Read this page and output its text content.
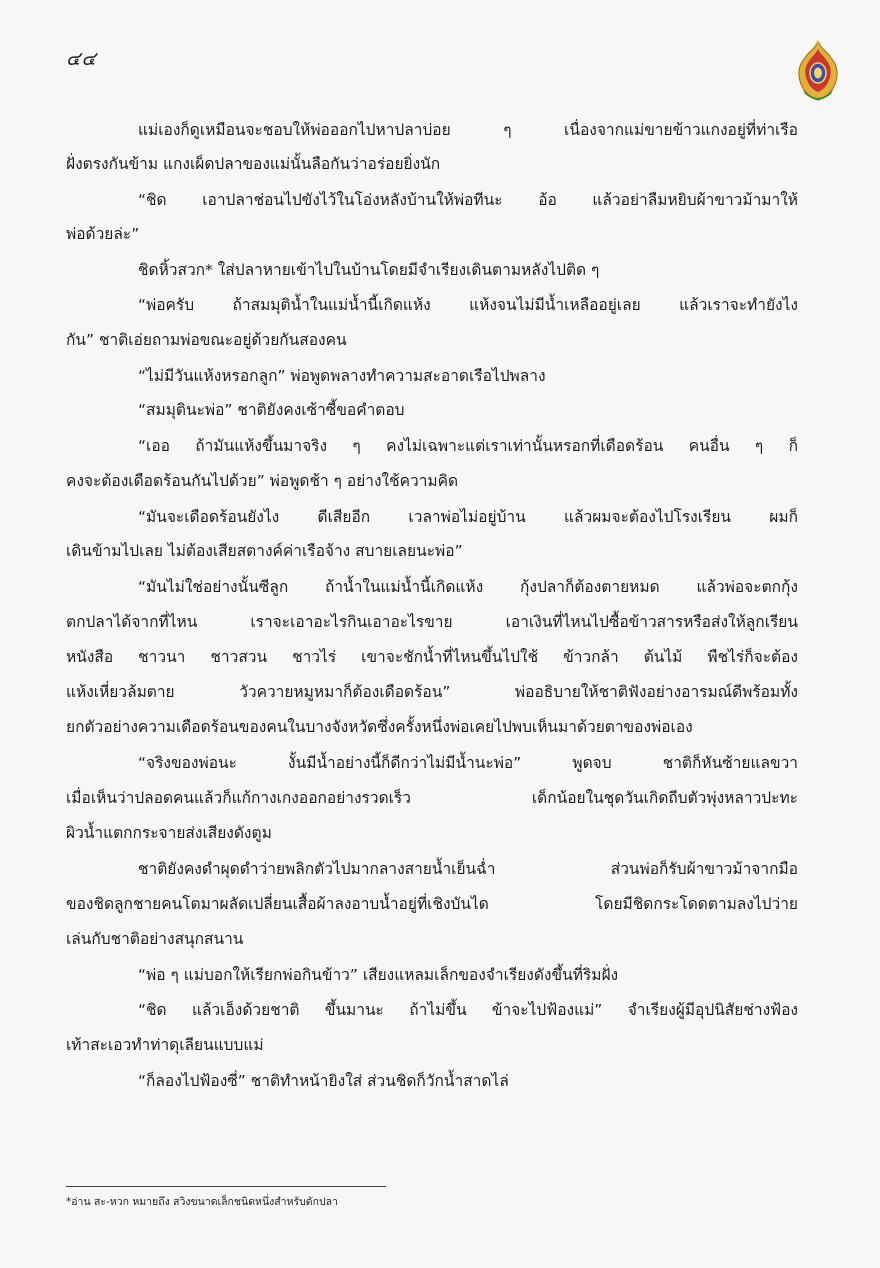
๔๔
แม่เองก็ดูเหมือนจะชอบให้พ่อออกไปหาปลาบ่อย ๆ เนื่องจากแม่ขายข้าวแกงอยู่ที่ท่าเรือ
ฝั่งตรงกันข้าม แกงเผ็ดปลาของแม่นั้นลือกันว่าอร่อยยิ่งนัก
“ชิด เอาปลาช่อนไปขังไว้ในโอ่งหลังบ้านให้พ่อทีนะ อ้อ แล้วอย่าลืมหยิบผ้าขาวม้ามาให้
พ่อด้วยล่ะ”
ชิดหิ้วสวก* ใส่ปลาหายเข้าไปในบ้านโดยมีจำเรียงเดินตามหลังไปติด ๆ
“พ่อครับ ถ้าสมมุติน้ำในแม่น้ำนี้เกิดแห้ง แห้งจนไม่มีน้ำเหลืออยู่เลย แล้วเราจะทำยังไง
กัน” ชาติเอ่ยถามพ่อขณะอยู่ด้วยกันสองคน
“ไม่มีวันแห้งหรอกลูก” พ่อพูดพลางทำความสะอาดเรือไปพลาง
“สมมุตินะพ่อ” ชาติยังคงเซ้าซี้ขอคำตอบ
“เออ ถ้ามันแห้งขึ้นมาจริง ๆ คงไม่เฉพาะแต่เราเท่านั้นหรอกที่เดือดร้อน คนอื่น ๆ ก็
คงจะต้องเดือดร้อนกันไปด้วย” พ่อพูดช้า ๆ อย่างใช้ความคิด
“มันจะเดือดร้อนยังไง ดีเสียอีก เวลาพ่อไม่อยู่บ้าน แล้วผมจะต้องไปโรงเรียน ผมก็
เดินข้ามไปเลย ไม่ต้องเสียสตางค์ค่าเรือจ้าง สบายเลยนะพ่อ”
“มันไม่ใช่อย่างนั้นซีลูก ถ้าน้ำในแม่น้ำนี้เกิดแห้ง กุ้งปลาก็ต้องตายหมด แล้วพ่อจะตกกุ้ง
ตกปลาได้จากที่ไหน เราจะเอาอะไรกินเอาอะไรขาย เอาเงินที่ไหนไปซื้อข้าวสารหรือส่งให้ลูกเรียน
หนังสือ ชาวนา ชาวสวน ชาวไร่ เขาจะชักน้ำที่ไหนขึ้นไปใช้ ข้าวกล้า ต้นไม้ พืชไร่ก็จะต้อง
แห้งเหี่ยวล้มตาย วัวควายหมูหมาก็ต้องเดือดร้อน” พ่ออธิบายให้ชาติฟังอย่างอารมณ์ดีพร้อมทั้ง
ยกตัวอย่างความเดือดร้อนของคนในบางจังหวัดซึ่งครั้งหนึ่งพ่อเคยไปพบเห็นมาด้วยตาของพ่อเอง
“จริงของพ่อนะ งั้นมีน้ำอย่างนี้ก็ดีกว่าไม่มีน้ำนะพ่อ” พูดจบ ชาติก็หันซ้ายแลขวา
เมื่อเห็นว่าปลอดคนแล้วก็แก้กางเกงออกอย่างรวดเร็ว เด็กน้อยในชุดวันเกิดถีบตัวพุ่งหลาวปะทะ
ผิวน้ำแตกกระจายส่งเสียงดังตูม
ชาติยังคงดำผุดดำว่ายพลิกตัวไปมากลางสายน้ำเย็นฉ่ำ ส่วนพ่อก็รับผ้าขาวม้าจากมือ
ของชิดลูกชายคนโตมาผลัดเปลี่ยนเสื้อผ้าลงอาบน้ำอยู่ที่เชิงบันได โดยมีชิดกระโดดตามลงไปว่าย
เล่นกับชาติอย่างสนุกสนาน
“พ่อ ๆ แม่บอกให้เรียกพ่อกินข้าว” เสียงแหลมเล็กของจำเรียงดังขึ้นที่ริมฝั่ง
“ชิด แล้วเอ็งด้วยชาติ ขึ้นมานะ ถ้าไม่ขึ้น ข้าจะไปฟ้องแม่” จำเรียงผู้มีอุปนิสัยช่างฟ้อง
เท้าสะเอวทำท่าดุเลียนแบบแม่
“ก็ลองไปฟ้องซี่” ชาติทำหน้ายิงใส่ ส่วนชิดก็วักน้ำสาดไล่
*อ่าน สะ-หวก หมายถึง สวิงขนาดเล็กชนิดหนึ่งสำหรับดักปลา
